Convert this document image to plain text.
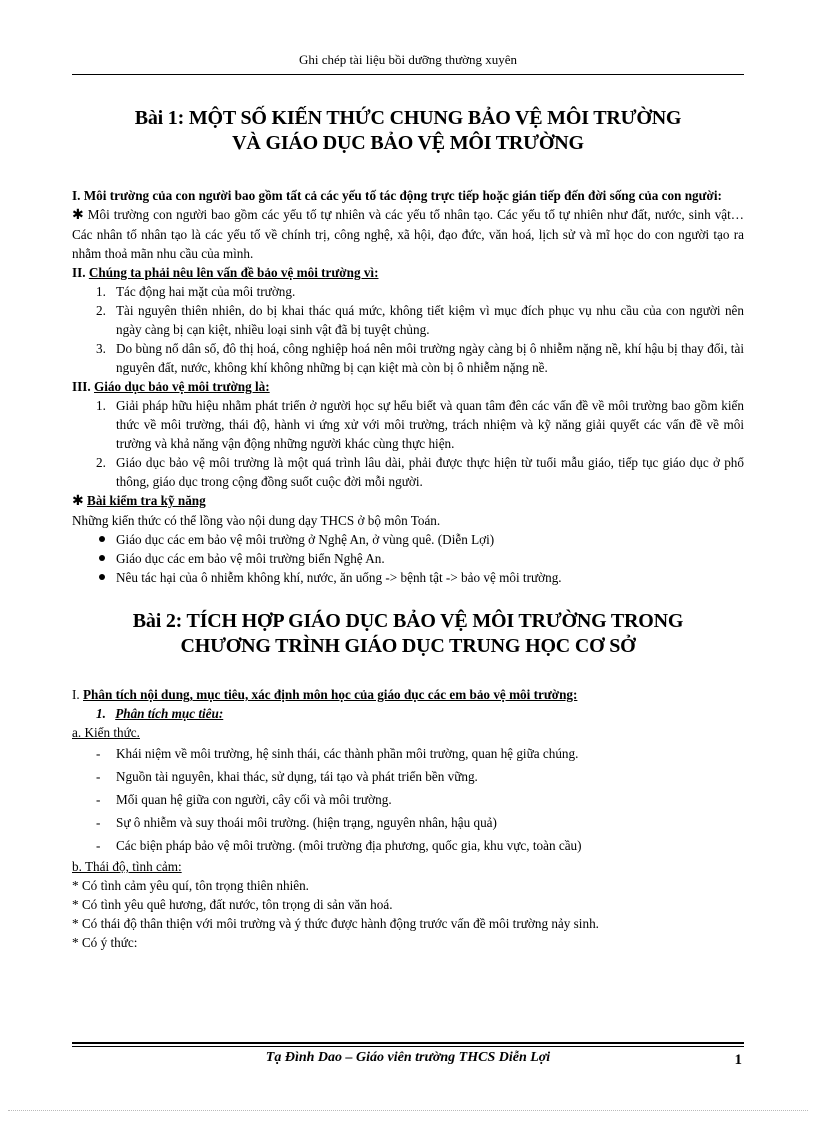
Ghi chép tài liệu bồi dưỡng thường xuyên

Bài 1: MỘT SỐ KIẾN THỨC CHUNG BẢO VỆ MÔI TRƯỜNG

VÀ GIÁO DỤC BẢO VỆ MÔI TRƯỜNG

I. Môi trường của con người bao gồm tất cả các yếu tố tác động trực tiếp hoặc gián tiếp đến đời sống của con người:

✱ Môi trường con người bao gồm các yếu tố tự nhiên và các yếu tố nhân tạo. Các yếu tố tự nhiên như đất, nước, sinh vật… Các nhân tố nhân tạo là các yếu tố về chính trị, công nghệ, xã hội, đạo đức, văn hoá, lịch sử và mĩ học do con người tạo ra nhằm thoả mãn nhu cầu của mình.

II. Chúng ta phải nêu lên vấn đề bảo vệ môi trường vì:

1. Tác động hai mặt của môi trường.
2. Tài nguyên thiên nhiên, do bị khai thác quá mức, không tiết kiệm vì mục đích phục vụ nhu cầu của con người nên ngày càng bị cạn kiệt, nhiều loại sinh vật đã bị tuyệt chủng.
3. Do bùng nổ dân số, đô thị hoá, công nghiệp hoá nên môi trường ngày càng bị ô nhiễm nặng nề, khí hậu bị thay đổi, tài nguyên đất, nước, không khí không những bị cạn kiệt mà còn bị ô nhiễm nặng nề.

III. Giáo dục bảo vệ môi trường là:

1. Giải pháp hữu hiệu nhằm phát triển ở người học sự hểu biết và quan tâm đên các vấn đề về môi trường bao gồm kiến thức về môi trường, thái độ, hành vi ứng xử với môi trường, trách nhiệm và kỹ năng giải quyết các vấn đề về môi trường và khả năng vận động những người khác cùng thực hiện.
2. Giáo dục bảo vệ môi trường là một quá trình lâu dài, phải được thực hiện từ tuổi mẫu giáo, tiếp tục giáo dục ở phổ thông, giáo dục trong cộng đồng suốt cuộc đời mỗi người.

✱ Bài kiểm tra kỹ năng

Những kiến thức có thể lồng vào nội dung dạy THCS ở bộ môn Toán.

Giáo dục các em bảo vệ môi trường ở Nghệ An, ở vùng quê. (Diễn Lợi)
Giáo dục các em bảo vệ môi trường biển Nghệ An.
Nêu tác hại của ô nhiễm không khí, nước, ăn uống -> bệnh tật -> bảo vệ môi trường.

Bài 2: TÍCH HỢP GIÁO DỤC BẢO VỆ MÔI TRƯỜNG TRONG

CHƯƠNG TRÌNH GIÁO DỤC TRUNG HỌC CƠ SỞ

I. Phân tích nội dung, mục tiêu, xác định môn học của giáo dục các em bảo vệ môi trường:

1. Phân tích mục tiêu:

a. Kiến thức.

- Khái niệm về môi trường, hệ sinh thái, các thành phần môi trường, quan hệ giữa chúng.
- Nguồn tài nguyên, khai thác, sử dụng, tái tạo và phát triển bền vững.
- Mối quan hệ giữa con người, cây cối và môi trường.
- Sự ô nhiễm và suy thoái môi trường. (hiện trạng, nguyên nhân, hậu quả)
- Các biện pháp bảo vệ môi trường. (môi trường địa phương, quốc gia, khu vực, toàn cầu)

b. Thái độ, tình cảm:

* Có tình cảm yêu quí, tôn trọng thiên nhiên.

* Có tình yêu quê hương, đất nước, tôn trọng di sản văn hoá.

* Có thái độ thân thiện với môi trường và ý thức được hành động trước vấn đề môi trường nảy sinh.

* Có ý thức:

Tạ Đình Dao – Giáo viên trường THCS Diễn Lợi	1
